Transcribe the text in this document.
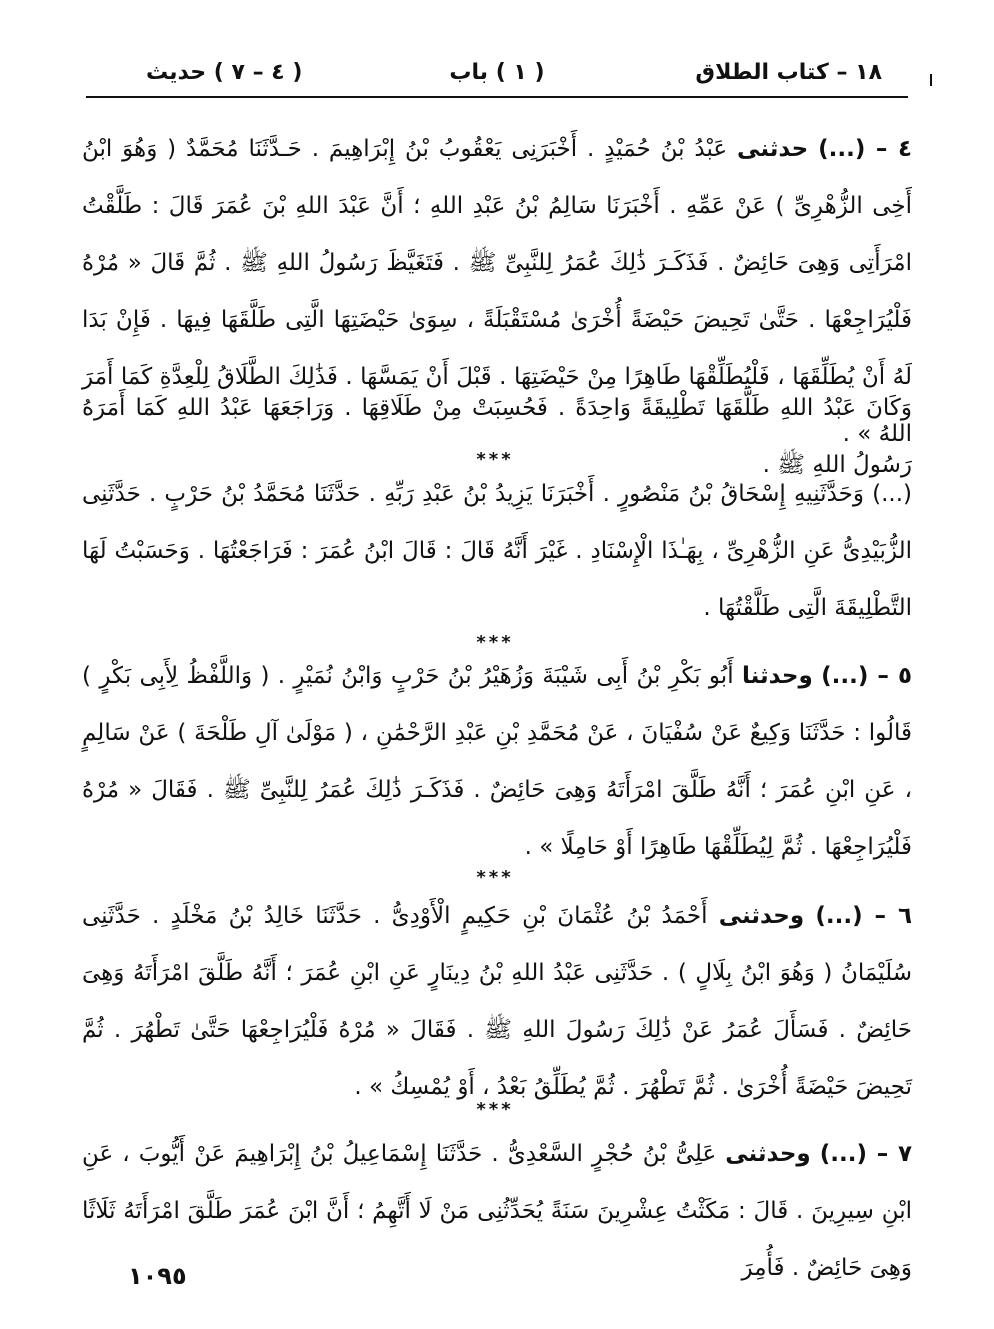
١٨ – كتاب الطلاق
( ١ ) باب
( ٤ – ٧ ) حديث

٤ – (...) حدثنى عَبْدُ بْنُ حُمَيْدٍ . أَخْبَرَنِى يَعْقُوبُ بْنُ إِبْرَاهِيمَ . حَـدَّثَنَا مُحَمَّدٌ ( وَهُوَ ابْنُ أَخِى الزُّهْرِىِّ ) عَنْ عَمِّهِ . أَخْبَرَنَا سَالِمُ بْنُ عَبْدِ اللهِ ؛ أَنَّ عَبْدَ اللهِ بْنَ عُمَرَ قَالَ : طَلَّقْتُ امْرَأَتِى وَهِىَ حَائِضٌ . فَذَكَـرَ ذَٰلِكَ عُمَرُ لِلنَّبِىِّ ﷺ . فَتَغَيَّظَ رَسُولُ اللهِ ﷺ . ثُمَّ قَالَ « مُرْهُ فَلْيُرَاجِعْهَا . حَتَّىٰ تَحِيضَ حَيْضَةً أُخْرَىٰ مُسْتَقْبَلَةً ، سِوَىٰ حَيْضَتِهَا الَّتِى طَلَّقَهَا فِيهَا . فَإِنْ بَدَا لَهُ أَنْ يُطَلِّقَهَا ، فَلْيُطَلِّقْهَا طَاهِرًا مِنْ حَيْضَتِهَا . قَبْلَ أَنْ يَمَسَّهَا . فَذَٰلِكَ الطَّلَاقُ لِلْعِدَّةِ كَمَا أَمَرَ اللهُ » .

وَكَانَ عَبْدُ اللهِ طَلَّقَهَا تَطْلِيقَةً وَاحِدَةً . فَحُسِبَتْ مِنْ طَلَاقِهَا . وَرَاجَعَهَا عَبْدُ اللهِ كَمَا أَمَرَهُ رَسُولُ اللهِ ﷺ .

***

(...) وَحَدَّثَنِيهِ إِسْحَاقُ بْنُ مَنْصُورٍ . أَخْبَرَنَا يَزِيدُ بْنُ عَبْدِ رَبِّهِ . حَدَّثَنَا مُحَمَّدُ بْنُ حَرْبٍ . حَدَّثَنِى الزُّبَيْدِىُّ عَنِ الزُّهْرِىِّ ، بِهَـٰذَا الْإِسْنَادِ . غَيْرَ أَنَّهُ قَالَ : قَالَ ابْنُ عُمَرَ : فَرَاجَعْتُهَا . وَحَسَبْتُ لَهَا التَّطْلِيقَةَ الَّتِى طَلَّقْتُهَا .

***

٥ – (...) وحدثنا أَبُو بَكْرِ بْنُ أَبِى شَيْبَةَ وَزُهَيْرُ بْنُ حَرْبٍ وَابْنُ نُمَيْرٍ . ( وَاللَّفْظُ لِأَبِى بَكْرٍ ) قَالُوا : حَدَّثَنَا وَكِيعٌ عَنْ سُفْيَانَ ، عَنْ مُحَمَّدِ بْنِ عَبْدِ الرَّحْمَٰنِ ، ( مَوْلَىٰ آلِ طَلْحَةَ ) عَنْ سَالِمٍ ، عَنِ ابْنِ عُمَرَ ؛ أَنَّهُ طَلَّقَ امْرَأَتَهُ وَهِىَ حَائِضٌ . فَذَكَـرَ ذَٰلِكَ عُمَرُ لِلنَّبِىِّ ﷺ . فَقَالَ « مُرْهُ فَلْيُرَاجِعْهَا . ثُمَّ لِيُطَلِّقْهَا طَاهِرًا أَوْ حَامِلًا » .

***

٦ – (...) وحدثنى أَحْمَدُ بْنُ عُثْمَانَ بْنِ حَكِيمٍ الْأَوْدِىُّ . حَدَّثَنَا خَالِدُ بْنُ مَخْلَدٍ . حَدَّثَنِى سُلَيْمَانُ ( وَهُوَ ابْنُ بِلَالٍ ) . حَدَّثَنِى عَبْدُ اللهِ بْنُ دِينَارٍ عَنِ ابْنِ عُمَرَ ؛ أَنَّهُ طَلَّقَ امْرَأَتَهُ وَهِىَ حَائِضٌ . فَسَأَلَ عُمَرُ عَنْ ذَٰلِكَ رَسُولَ اللهِ ﷺ . فَقَالَ « مُرْهُ فَلْيُرَاجِعْهَا حَتَّىٰ تَطْهُرَ . ثُمَّ تَحِيضَ حَيْضَةً أُخْرَىٰ . ثُمَّ تَطْهُرَ . ثُمَّ يُطَلِّقُ بَعْدُ ، أَوْ يُمْسِكُ » .

***

٧ – (...) وحدثنى عَلِىُّ بْنُ حُجْرٍ السَّعْدِىُّ . حَدَّثَنَا إِسْمَاعِيلُ بْنُ إِبْرَاهِيمَ عَنْ أَيُّوبَ ، عَنِ ابْنِ سِيرِينَ . قَالَ : مَكَثْتُ عِشْرِينَ سَنَةً يُحَدِّثُنِى مَنْ لَا أَتَّهِمُ ؛ أَنَّ ابْنَ عُمَرَ طَلَّقَ امْرَأَتَهُ ثَلَاثًا وَهِىَ حَائِضٌ . فَأُمِرَ

١٠٩٥
